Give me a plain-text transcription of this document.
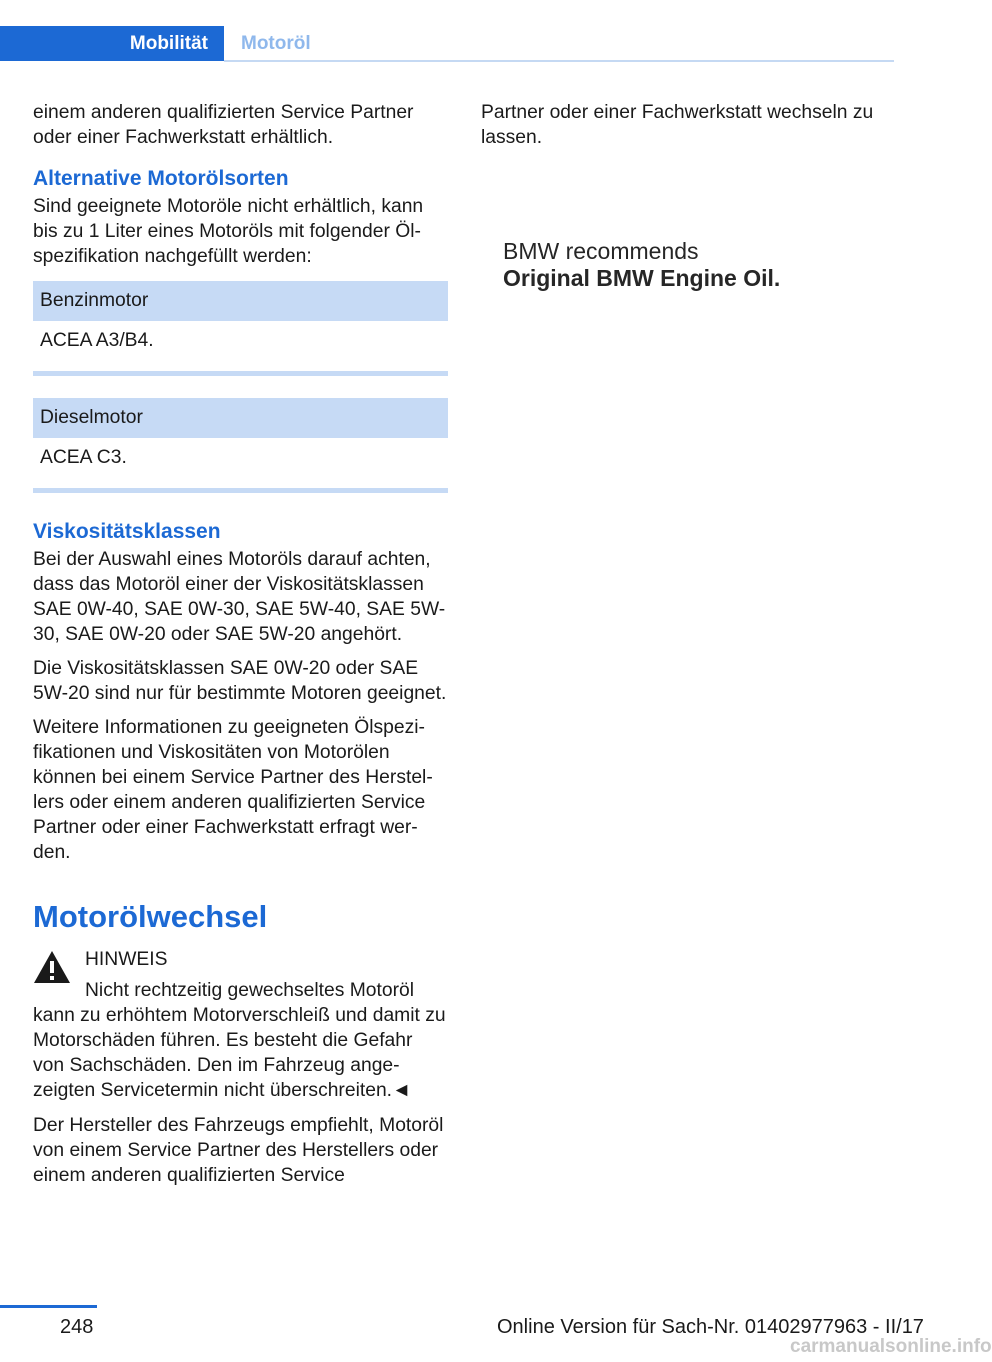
Mobilität	Motoröl

einem anderen qualifizierten Service Partner oder einer Fachwerkstatt erhältlich.

Alternative Motorölsorten

Sind geeignete Motoröle nicht erhältlich, kann bis zu 1 Liter eines Motoröls mit folgender Ölspezifikation nachgefüllt werden:

Benzinmotor
ACEA A3/B4.
Dieselmotor
ACEA C3.
Viskositätsklassen

Bei der Auswahl eines Motoröls darauf achten, dass das Motoröl einer der Viskositätsklassen SAE 0W-40, SAE 0W-30, SAE 5W-40, SAE 5W-30, SAE 0W-20 oder SAE 5W-20 angehört.

Die Viskositätsklassen SAE 0W-20 oder SAE 5W-20 sind nur für bestimmte Motoren geeignet.

Weitere Informationen zu geeigneten Ölspezifikationen und Viskositäten von Motorölen können bei einem Service Partner des Herstellers oder einem anderen qualifizierten Service Partner oder einer Fachwerkstatt erfragt werden.

Motorölwechsel
HINWEIS

Nicht rechtzeitig gewechseltes Motoröl kann zu erhöhtem Motorverschleiß und damit zu Motorschäden führen. Es besteht die Gefahr von Sachschäden. Den im Fahrzeug angezeigten Servicetermin nicht überschreiten.◄

Der Hersteller des Fahrzeugs empfiehlt, Motoröl von einem Service Partner des Herstellers oder einem anderen qualifizierten Service

Partner oder einer Fachwerkstatt wechseln zu lassen.

BMW recommends
Original BMW Engine Oil.
248	Online Version für Sach-Nr. 01402977963 - II/17
carmanualsonline.info
